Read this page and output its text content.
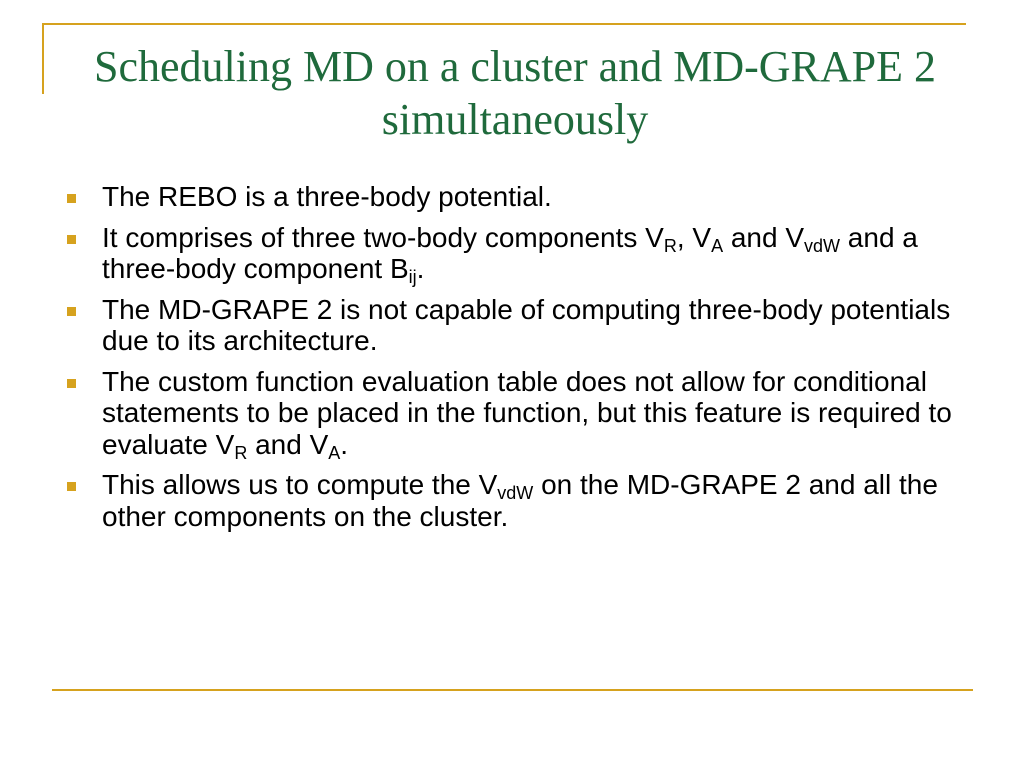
Scheduling MD on a cluster and MD-GRAPE 2 simultaneously
The REBO is a three-body potential.
It comprises of three two-body components $V_R$, $V_A$ and $V_{vdW}$ and a three-body component $B_{ij}$.
The MD-GRAPE 2 is not capable of computing three-body potentials due to its architecture.
The custom function evaluation table does not allow for conditional statements to be placed in the function, but this feature is required to evaluate $V_R$ and $V_A$.
This allows us to compute the $V_{vdW}$ on the MD-GRAPE 2 and all the other components on the cluster.
